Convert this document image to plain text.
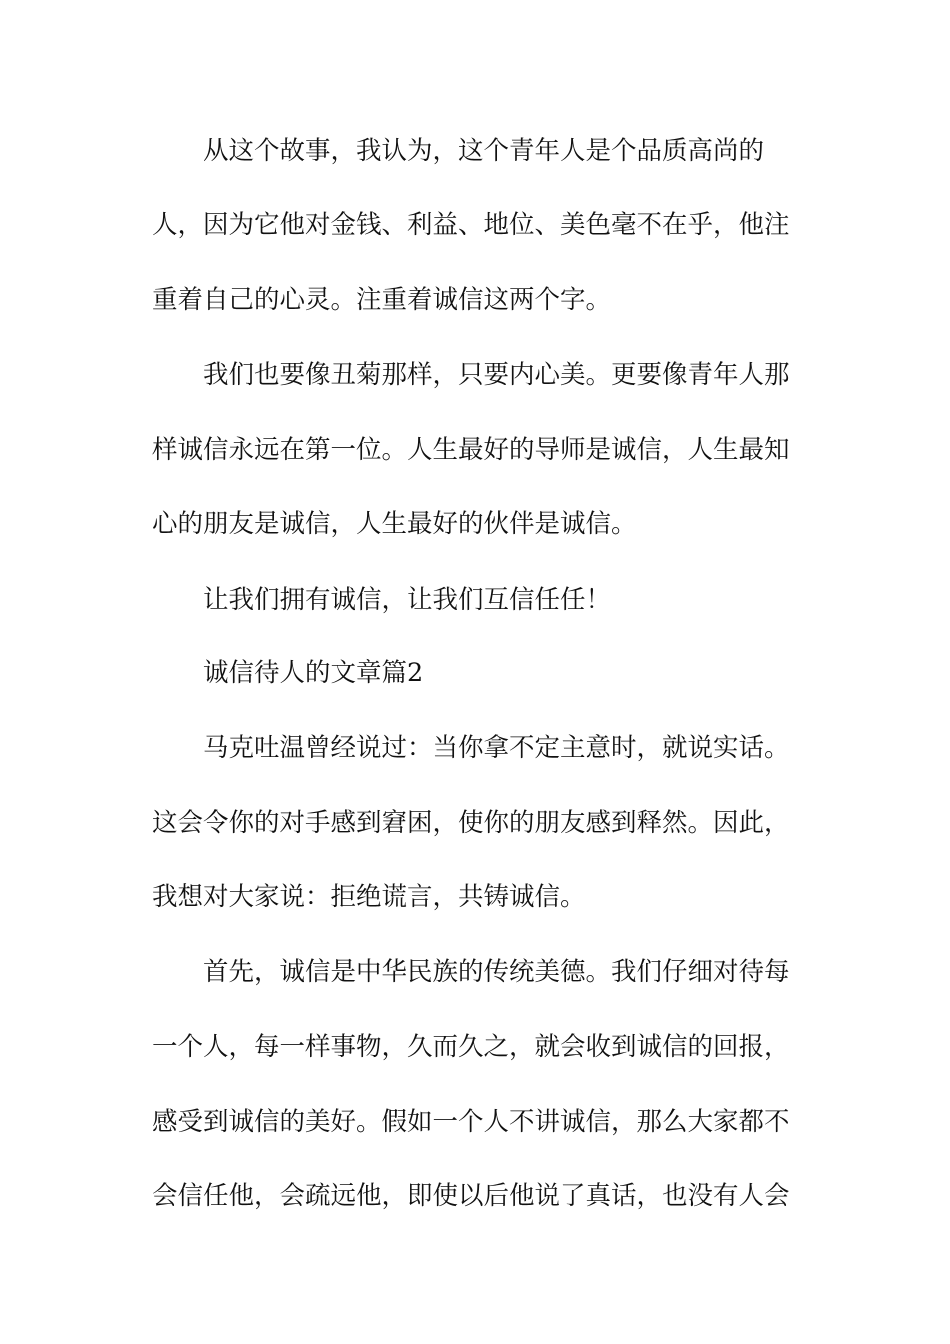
从这个故事，我认为，这个青年人是个品质高尚的

人，因为它他对金钱、利益、地位、美色毫不在乎，他注

重着自己的心灵。注重着诚信这两个字。

我们也要像丑菊那样，只要内心美。更要像青年人那

样诚信永远在第一位。人生最好的导师是诚信，人生最知

心的朋友是诚信，人生最好的伙伴是诚信。

让我们拥有诚信，让我们互信任任！

诚信待人的文章篇2

马克吐温曾经说过：当你拿不定主意时，就说实话。

这会令你的对手感到窘困，使你的朋友感到释然。因此，

我想对大家说：拒绝谎言，共铸诚信。

首先，诚信是中华民族的传统美德。我们仔细对待每

一个人，每一样事物，久而久之，就会收到诚信的回报，

感受到诚信的美好。假如一个人不讲诚信，那么大家都不

会信任他，会疏远他，即使以后他说了真话，也没有人会
